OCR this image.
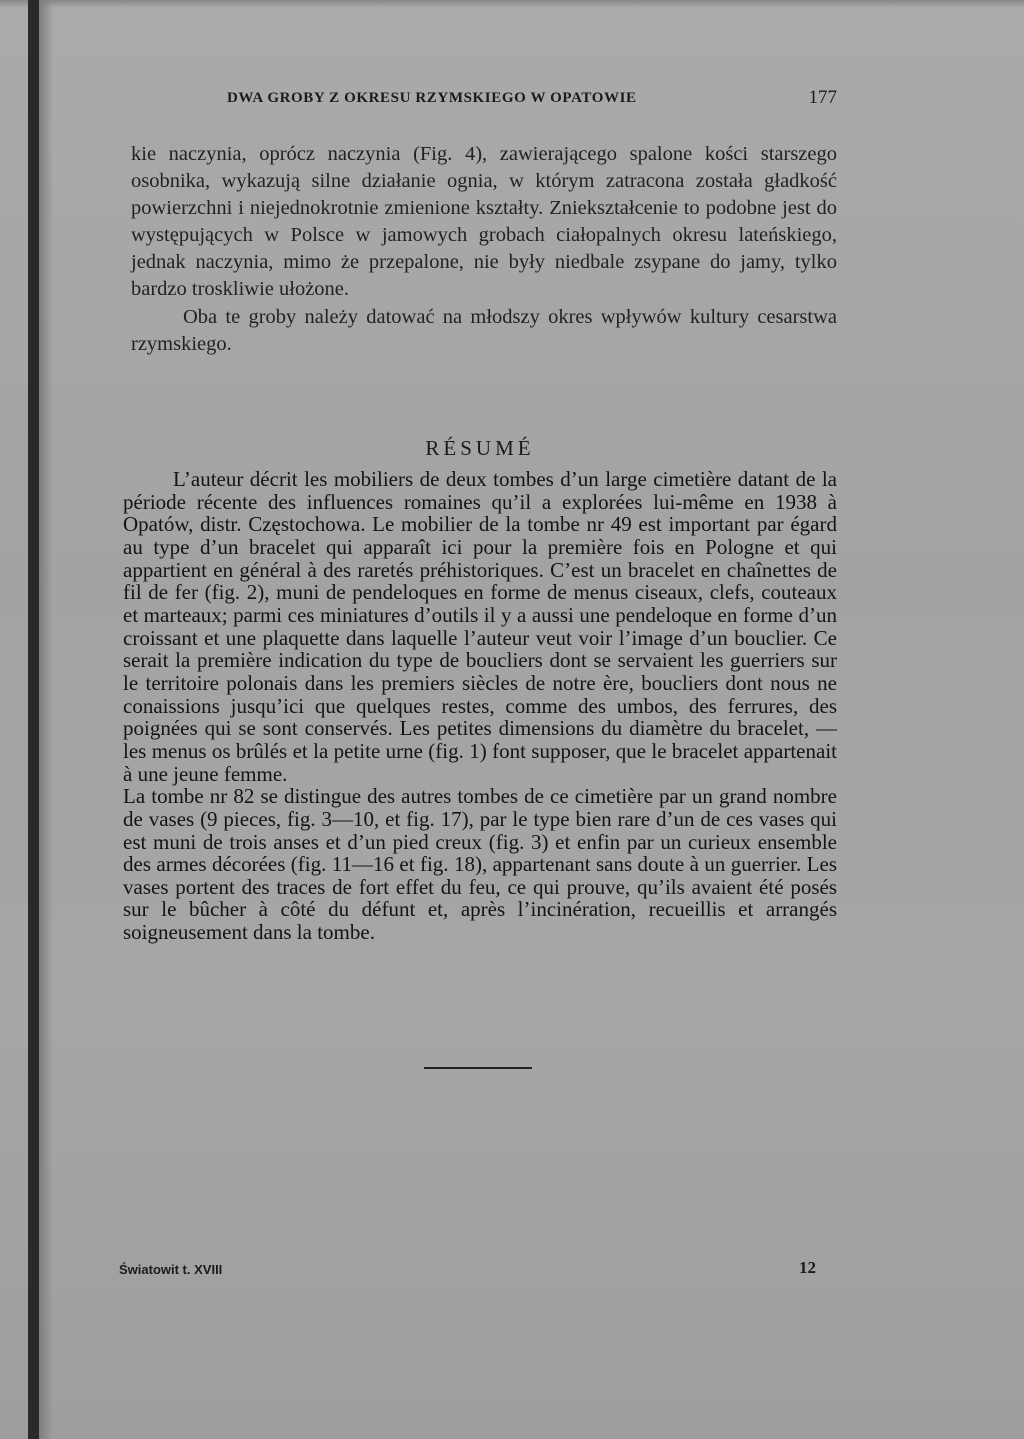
DWA GROBY Z OKRESU RZYMSKIEGO W OPATOWIE	177

kie naczynia, oprócz naczynia (Fig. 4), zawierającego spalone kości starszego osobnika, wykazują silne działanie ognia, w którym zatracona została gładkość powierzchni i niejednokrotnie zmienione kształty. Zniekształcenie to podobne jest do występujących w Polsce w jamowych grobach ciałopalnych okresu lateńskiego, jednak naczynia, mimo że przepalone, nie były niedbale zsypane do jamy, tylko bardzo troskliwie ułożone.

Oba te groby należy datować na młodszy okres wpływów kultury cesarstwa rzymskiego.

RÉSUMÉ

L’auteur décrit les mobiliers de deux tombes d’un large cimetière datant de la période récente des influences romaines qu’il a explorées lui-même en 1938 à Opatów, distr. Częstochowa. Le mobilier de la tombe nr 49 est important par égard au type d’un bracelet qui apparaît ici pour la première fois en Pologne et qui appartient en général à des raretés préhistoriques. C’est un bracelet en chaînettes de fil de fer (fig. 2), muni de pendeloques en forme de menus ciseaux, clefs, couteaux et marteaux; parmi ces miniatures d’outils il y a aussi une pendeloque en forme d’un croissant et une plaquette dans laquelle l’auteur veut voir l’image d’un bouclier. Ce serait la première indication du type de boucliers dont se servaient les guerriers sur le territoire polonais dans les premiers siècles de notre ère, boucliers dont nous ne conaissions jusqu’ici que quelques restes, comme des umbos, des ferrures, des poignées qui se sont conservés. Les petites dimensions du diamètre du bracelet, — les menus os brûlés et la petite urne (fig. 1) font supposer, que le bracelet appartenait à une jeune femme.

La tombe nr 82 se distingue des autres tombes de ce cimetière par un grand nombre de vases (9 pieces, fig. 3—10, et fig. 17), par le type bien rare d’un de ces vases qui est muni de trois anses et d’un pied creux (fig. 3) et enfin par un curieux ensemble des armes décorées (fig. 11—16 et fig. 18), appartenant sans doute à un guerrier. Les vases portent des traces de fort effet du feu, ce qui prouve, qu’ils avaient été posés sur le bûcher à côté du défunt et, après l’incinération, recueillis et arrangés soigneusement dans la tombe.

Światowit t. XVIII	12
